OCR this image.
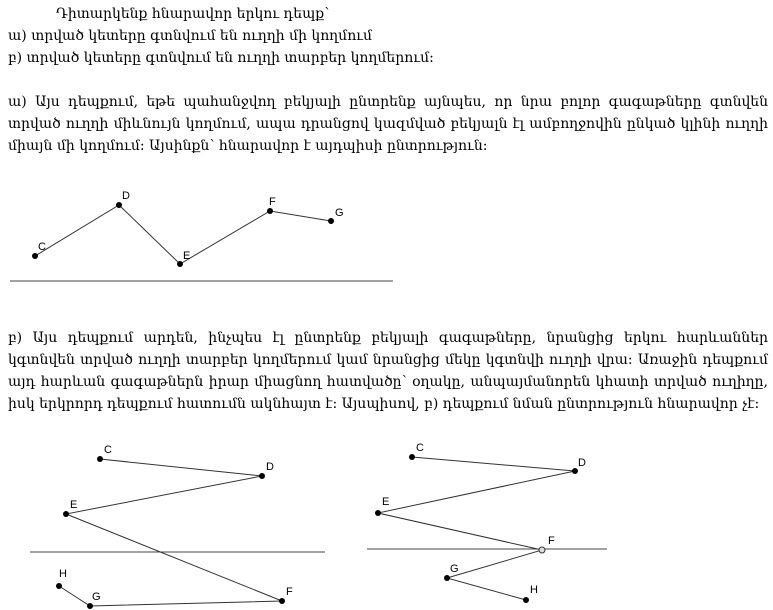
Դիտարկենք հնարավոր երկու դեպք՝
ա) տրված կետերը գտնվում են ուղղի մի կողմում
բ) տրված կետերը գտնվում են ուղղի տարբեր կողմերում:
ա) Այս դեպքում, եթե պահանջվող բեկյալի ընտրենք այնպես, որ նրա բոլոր գագաթները գտնվեն տրված ուղղի միևնույն կողմում, ապա դրանցով կազմված բեկյալն էլ ամբողջովին ընկած կլինի ուղղի միայն մի կողմում: Այսինքն՝ հնարավոր է այդպիսի ընտրություն:
C
D
E
F
G
բ) Այս դեպքում արդեն, ինչպես էլ ընտրենք բեկյալի գագաթները, նրանցից երկու հարևաններ կգտնվեն տրված ուղղի տարբեր կողմերում կամ նրանցից մեկը կգտնվի ուղղի վրա: Առաջին դեպքում այդ հարևան գագաթներն իրար միացնող հատվածը՝ օղակը, անպայմանորեն կհատի տրված ուղիղը, իսկ երկրորդ դեպքում հատումն ակնհայտ է: Այսպիսով, բ) դեպքում նման ընտրություն հնարավոր չէ:
C
D
E
F
G
H
C
D
E
F
G
H
